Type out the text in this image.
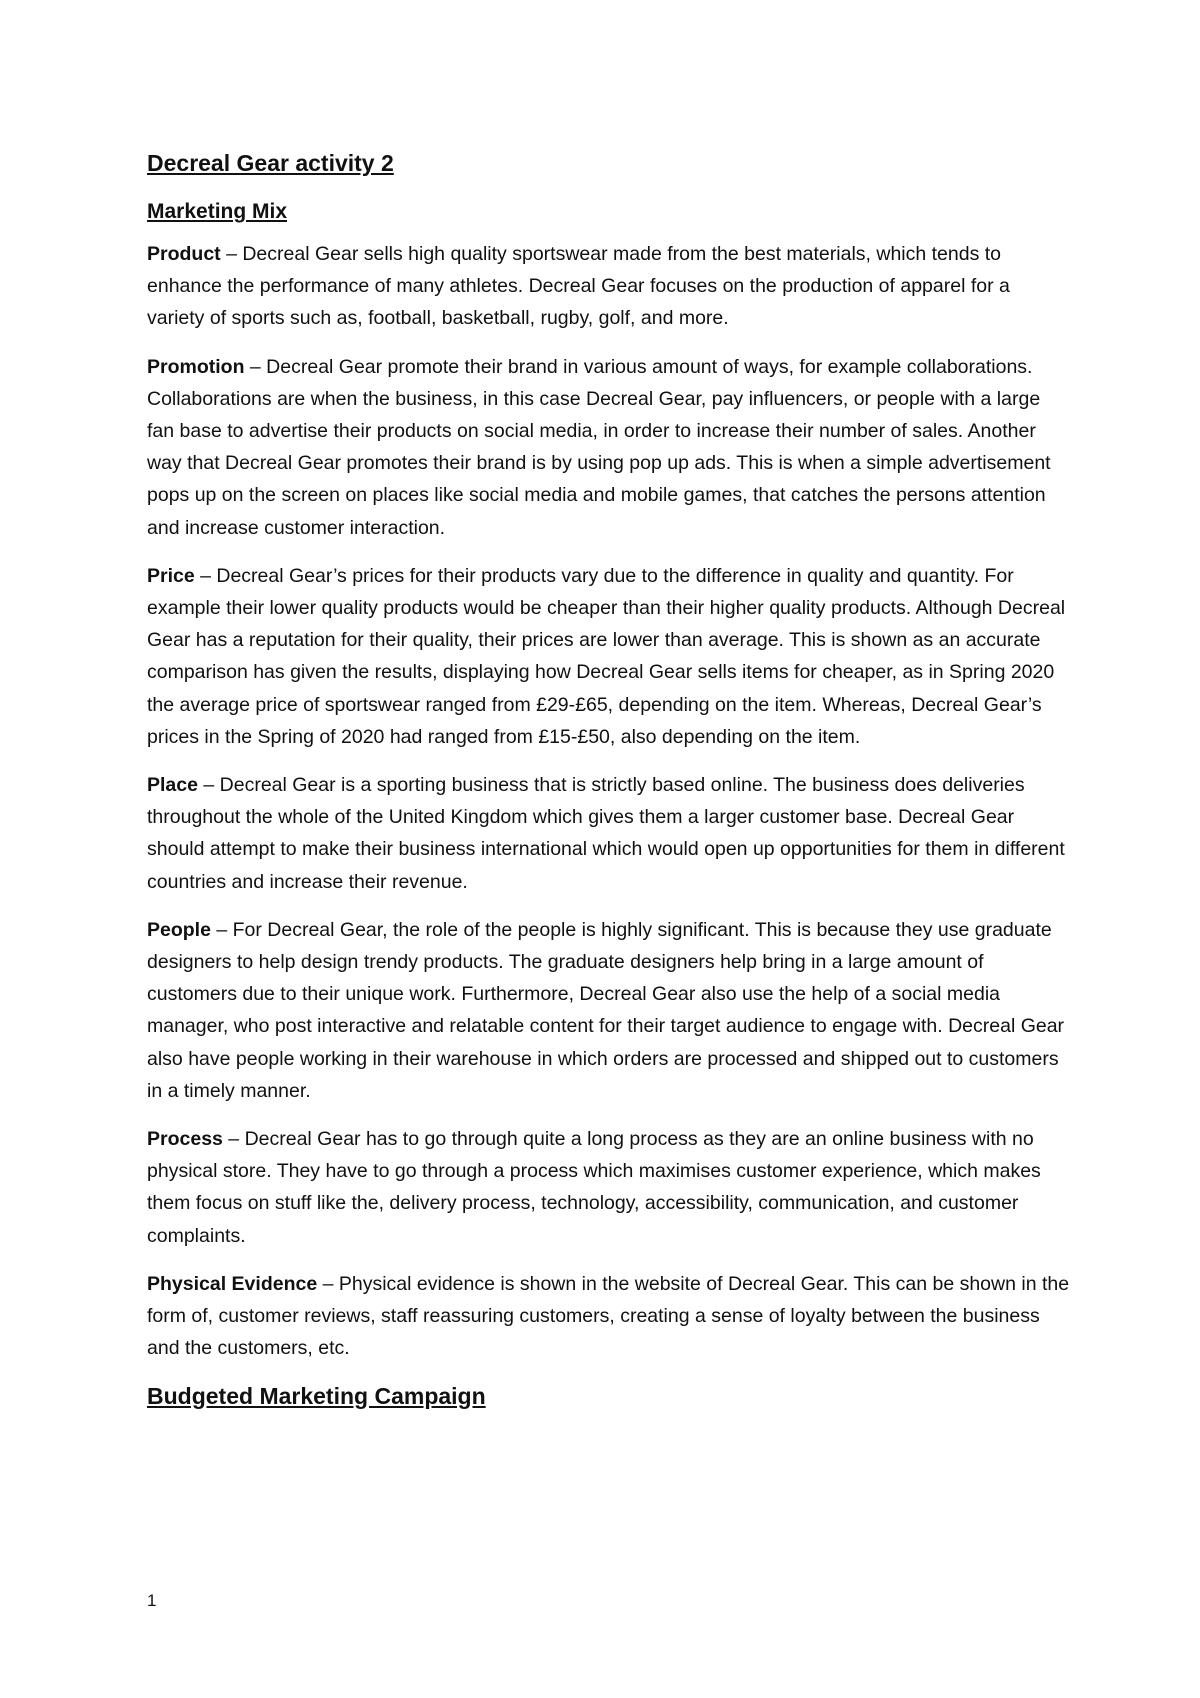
Decreal Gear activity 2
Marketing Mix

Product – Decreal Gear sells high quality sportswear made from the best materials, which tends to enhance the performance of many athletes. Decreal Gear focuses on the production of apparel for a variety of sports such as, football, basketball, rugby, golf, and more.

Promotion – Decreal Gear promote their brand in various amount of ways, for example collaborations. Collaborations are when the business, in this case Decreal Gear, pay influencers, or people with a large fan base to advertise their products on social media, in order to increase their number of sales. Another way that Decreal Gear promotes their brand is by using pop up ads. This is when a simple advertisement pops up on the screen on places like social media and mobile games, that catches the persons attention and increase customer interaction.

Price – Decreal Gear’s prices for their products vary due to the difference in quality and quantity. For example their lower quality products would be cheaper than their higher quality products. Although Decreal Gear has a reputation for their quality, their prices are lower than average. This is shown as an accurate comparison has given the results, displaying how Decreal Gear sells items for cheaper, as in Spring 2020 the average price of sportswear ranged from £29-£65, depending on the item. Whereas, Decreal Gear’s prices in the Spring of 2020 had ranged from £15-£50, also depending on the item.

Place – Decreal Gear is a sporting business that is strictly based online. The business does deliveries throughout the whole of the United Kingdom which gives them a larger customer base. Decreal Gear should attempt to make their business international which would open up opportunities for them in different countries and increase their revenue.

People – For Decreal Gear, the role of the people is highly significant. This is because they use graduate designers to help design trendy products. The graduate designers help bring in a large amount of customers due to their unique work. Furthermore, Decreal Gear also use the help of a social media manager, who post interactive and relatable content for their target audience to engage with. Decreal Gear also have people working in their warehouse in which orders are processed and shipped out to customers in a timely manner.

Process – Decreal Gear has to go through quite a long process as they are an online business with no physical store. They have to go through a process which maximises customer experience, which makes them focus on stuff like the, delivery process, technology, accessibility, communication, and customer complaints.

Physical Evidence – Physical evidence is shown in the website of Decreal Gear. This can be shown in the form of, customer reviews, staff reassuring customers, creating a sense of loyalty between the business and the customers, etc.

Budgeted Marketing Campaign
1
